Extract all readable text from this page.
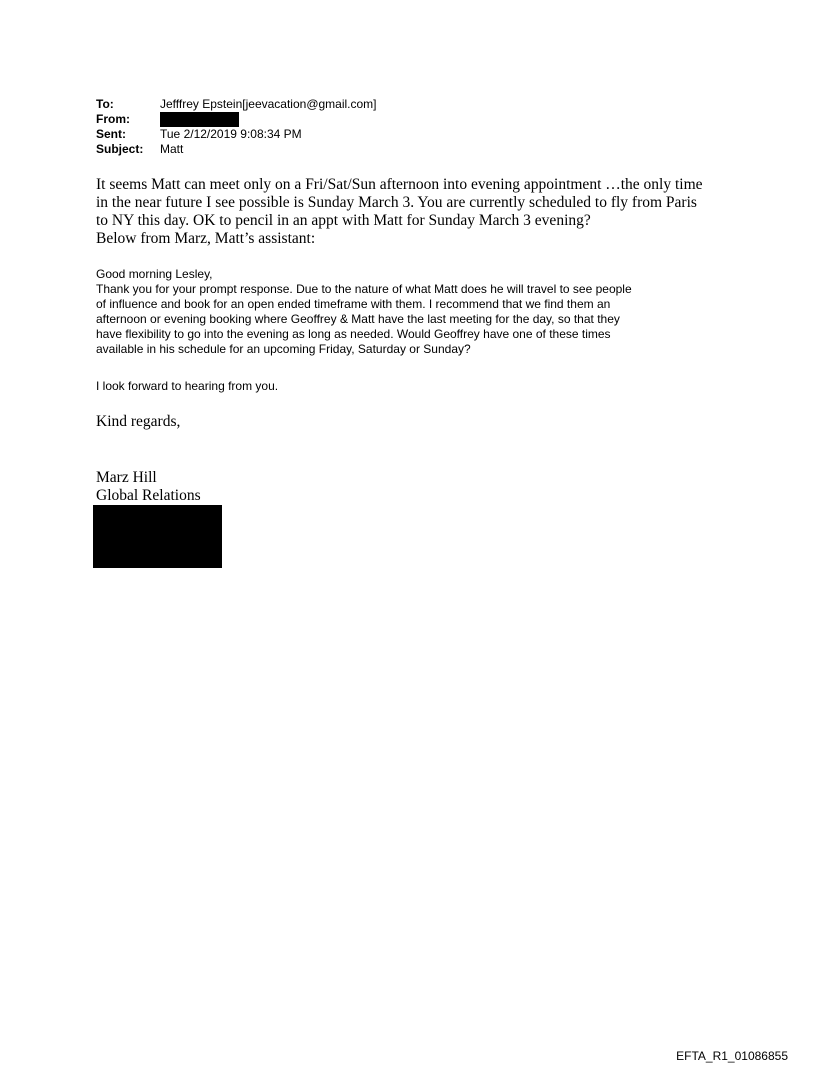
To:	Jefffrey Epstein[jeevacation@gmail.com]
From:
Sent:	Tue 2/12/2019 9:08:34 PM
Subject:	Matt
It seems Matt can meet only on a Fri/Sat/Sun afternoon into evening appointment …the only time
in the near future I see possible is Sunday March 3. You are currently scheduled to fly from Paris
to NY this day. OK to pencil in an appt with Matt for Sunday March 3 evening?
Below from Marz, Matt’s assistant:
Good morning Lesley,
Thank you for your prompt response. Due to the nature of what Matt does he will travel to see people
of influence and book for an open ended timeframe with them. I recommend that we find them an
afternoon or evening booking where Geoffrey & Matt have the last meeting for the day, so that they
have flexibility to go into the evening as long as needed. Would Geoffrey have one of these times
available in his schedule for an upcoming Friday, Saturday or Sunday?
I look forward to hearing from you.
Kind regards,
Marz Hill
Global Relations
EFTA_R1_01086855
